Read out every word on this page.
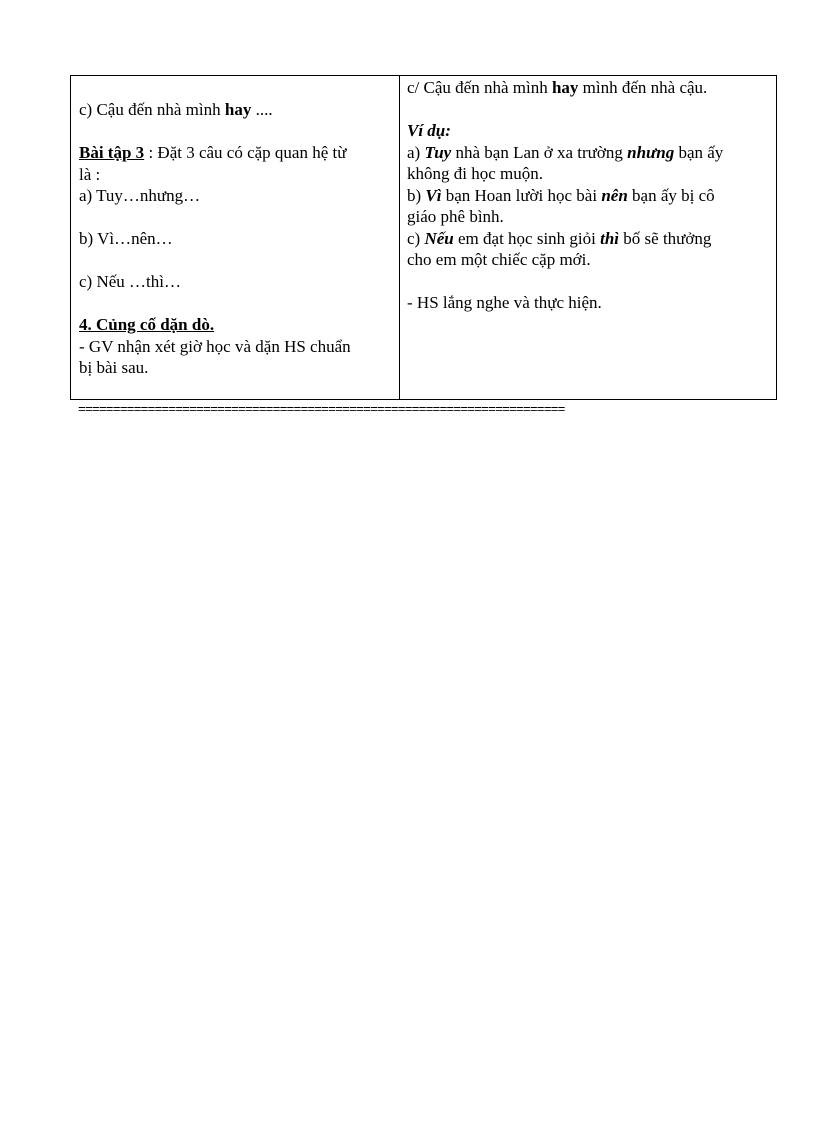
c) Cậu đến nhà mình hay ....
Bài tập 3 : Đặt 3 câu có cặp quan hệ từ
là :
a) Tuy…nhưng…
b) Vì…nên…
c) Nếu …thì…
4. Củng cố dặn dò.
- GV nhận xét giờ học và dặn HS chuẩn
bị bài sau.
c/ Cậu đến nhà mình hay mình đến nhà cậu.
Ví dụ:
a) Tuy nhà bạn Lan ở xa trường nhưng bạn ấy
không đi học muộn.
b) Vì bạn Hoan lười học bài nên bạn ấy bị cô
giáo phê bình.
c) Nếu em đạt học sinh giỏi thì bố sẽ thưởng
cho em một chiếc cặp mới.
- HS lắng nghe và thực hiện.
======================================================================
